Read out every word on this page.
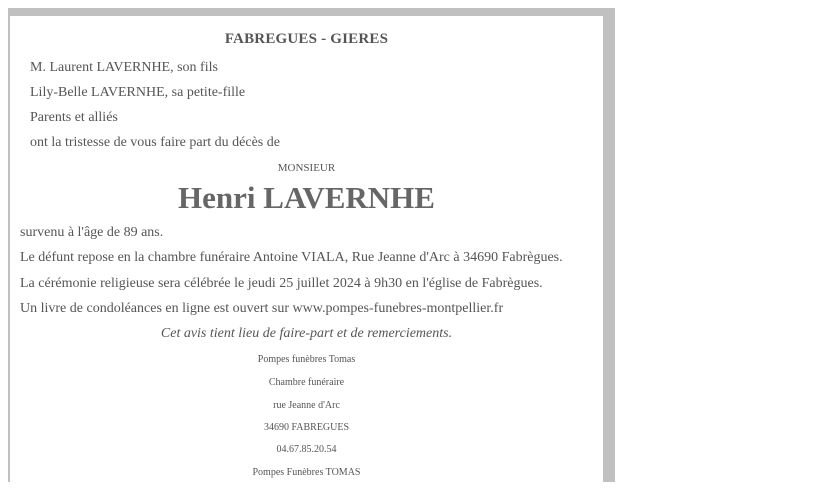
FABREGUES - GIERES
M. Laurent LAVERNHE, son fils
Lily-Belle LAVERNHE, sa petite-fille
Parents et alliés
ont la tristesse de vous faire part du décès de
MONSIEUR
Henri LAVERNHE
survenu à l'âge de 89 ans.
Le défunt repose en la chambre funéraire Antoine VIALA, Rue Jeanne d'Arc à 34690 Fabrègues.
La cérémonie religieuse sera célébrée le jeudi 25 juillet 2024 à 9h30 en l'église de Fabrègues.
Un livre de condoléances en ligne est ouvert sur www.pompes-funebres-montpellier.fr
Cet avis tient lieu de faire-part et de remerciements.
Pompes funèbres Tomas
Chambre funéraire
rue Jeanne d'Arc
34690 FABREGUES
04.67.85.20.54
Pompes Funèbres TOMAS
